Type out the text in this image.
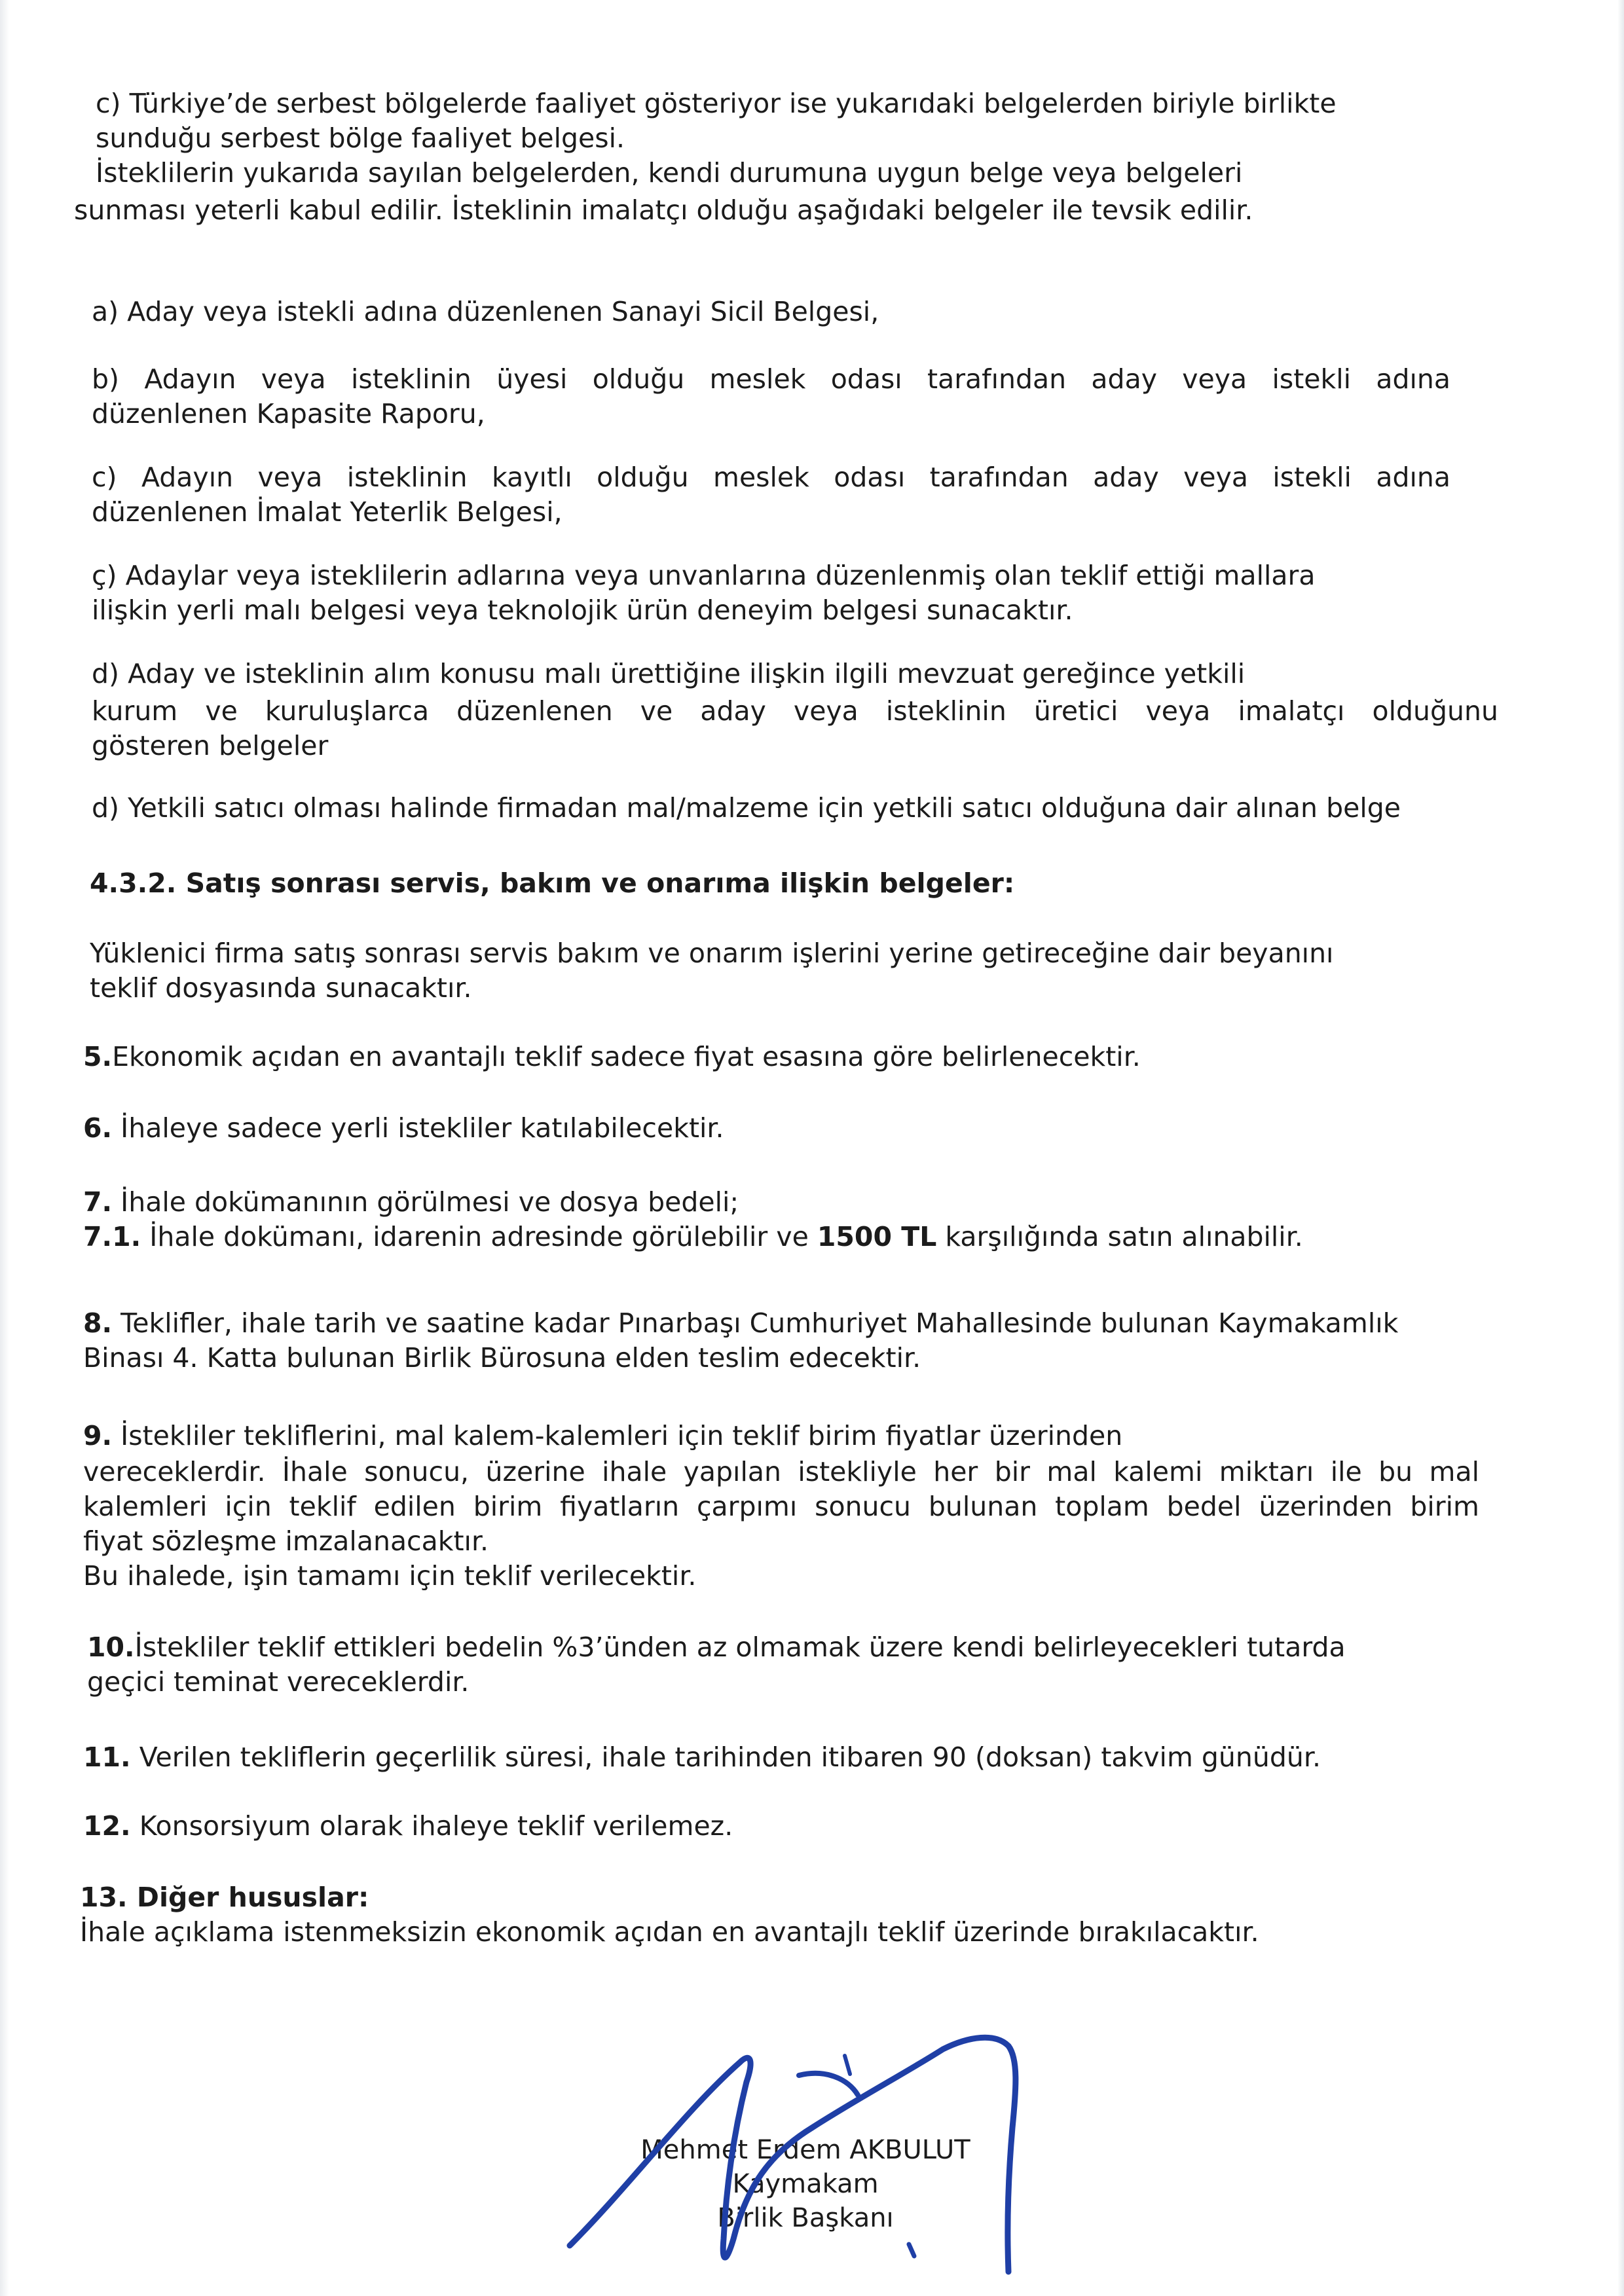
c) Türkiye’de serbest bölgelerde faaliyet gösteriyor ise yukarıdaki belgelerden biriyle birlikte

sunduğu serbest bölge faaliyet belgesi.

İsteklilerin yukarıda sayılan belgelerden, kendi durumuna uygun belge veya belgeleri

sunması yeterli kabul edilir. İsteklinin imalatçı olduğu aşağıdaki belgeler ile tevsik edilir.

a) Aday veya istekli adına düzenlenen Sanayi Sicil Belgesi,

b) Adayın veya isteklinin üyesi olduğu meslek odası tarafından aday veya istekli adına

düzenlenen Kapasite Raporu,

c) Adayın veya isteklinin kayıtlı olduğu meslek odası tarafından aday veya istekli adına

düzenlenen İmalat Yeterlik Belgesi,

ç) Adaylar veya isteklilerin adlarına veya unvanlarına düzenlenmiş olan teklif ettiği mallara

ilişkin yerli malı belgesi veya teknolojik ürün deneyim belgesi sunacaktır.

d) Aday ve isteklinin alım konusu malı ürettiğine ilişkin ilgili mevzuat gereğince yetkili

kurum ve kuruluşlarca düzenlenen ve aday veya isteklinin üretici veya imalatçı olduğunu

gösteren belgeler

d) Yetkili satıcı olması halinde firmadan mal/malzeme için yetkili satıcı olduğuna dair alınan belge

4.3.2. Satış sonrası servis, bakım ve onarıma ilişkin belgeler:

Yüklenici firma satış sonrası servis bakım ve onarım işlerini yerine getireceğine dair beyanını

teklif dosyasında sunacaktır.

5.Ekonomik açıdan en avantajlı teklif sadece fiyat esasına göre belirlenecektir.

6. İhaleye sadece yerli istekliler katılabilecektir.

7. İhale dokümanının görülmesi ve dosya bedeli;

7.1. İhale dokümanı, idarenin adresinde görülebilir ve 1500 TL karşılığında satın alınabilir.

8. Teklifler, ihale tarih ve saatine kadar Pınarbaşı Cumhuriyet Mahallesinde bulunan Kaymakamlık

Binası 4. Katta bulunan Birlik Bürosuna elden teslim edecektir.

9. İstekliler tekliflerini, mal kalem-kalemleri için teklif birim fiyatlar üzerinden

vereceklerdir. İhale sonucu, üzerine ihale yapılan istekliyle her bir mal kalemi miktarı ile bu mal

kalemleri için teklif edilen birim fiyatların çarpımı sonucu bulunan toplam bedel üzerinden birim

fiyat sözleşme imzalanacaktır.

Bu ihalede, işin tamamı için teklif verilecektir.

10.İstekliler teklif ettikleri bedelin %3’ünden az olmamak üzere kendi belirleyecekleri tutarda

geçici teminat vereceklerdir.

11. Verilen tekliflerin geçerlilik süresi, ihale tarihinden itibaren 90 (doksan) takvim günüdür.

12. Konsorsiyum olarak ihaleye teklif verilemez.

13. Diğer hususlar:

İhale açıklama istenmeksizin ekonomik açıdan en avantajlı teklif üzerinde bırakılacaktır.

Mehmet Erdem AKBULUT

Kaymakam

Birlik Başkanı
